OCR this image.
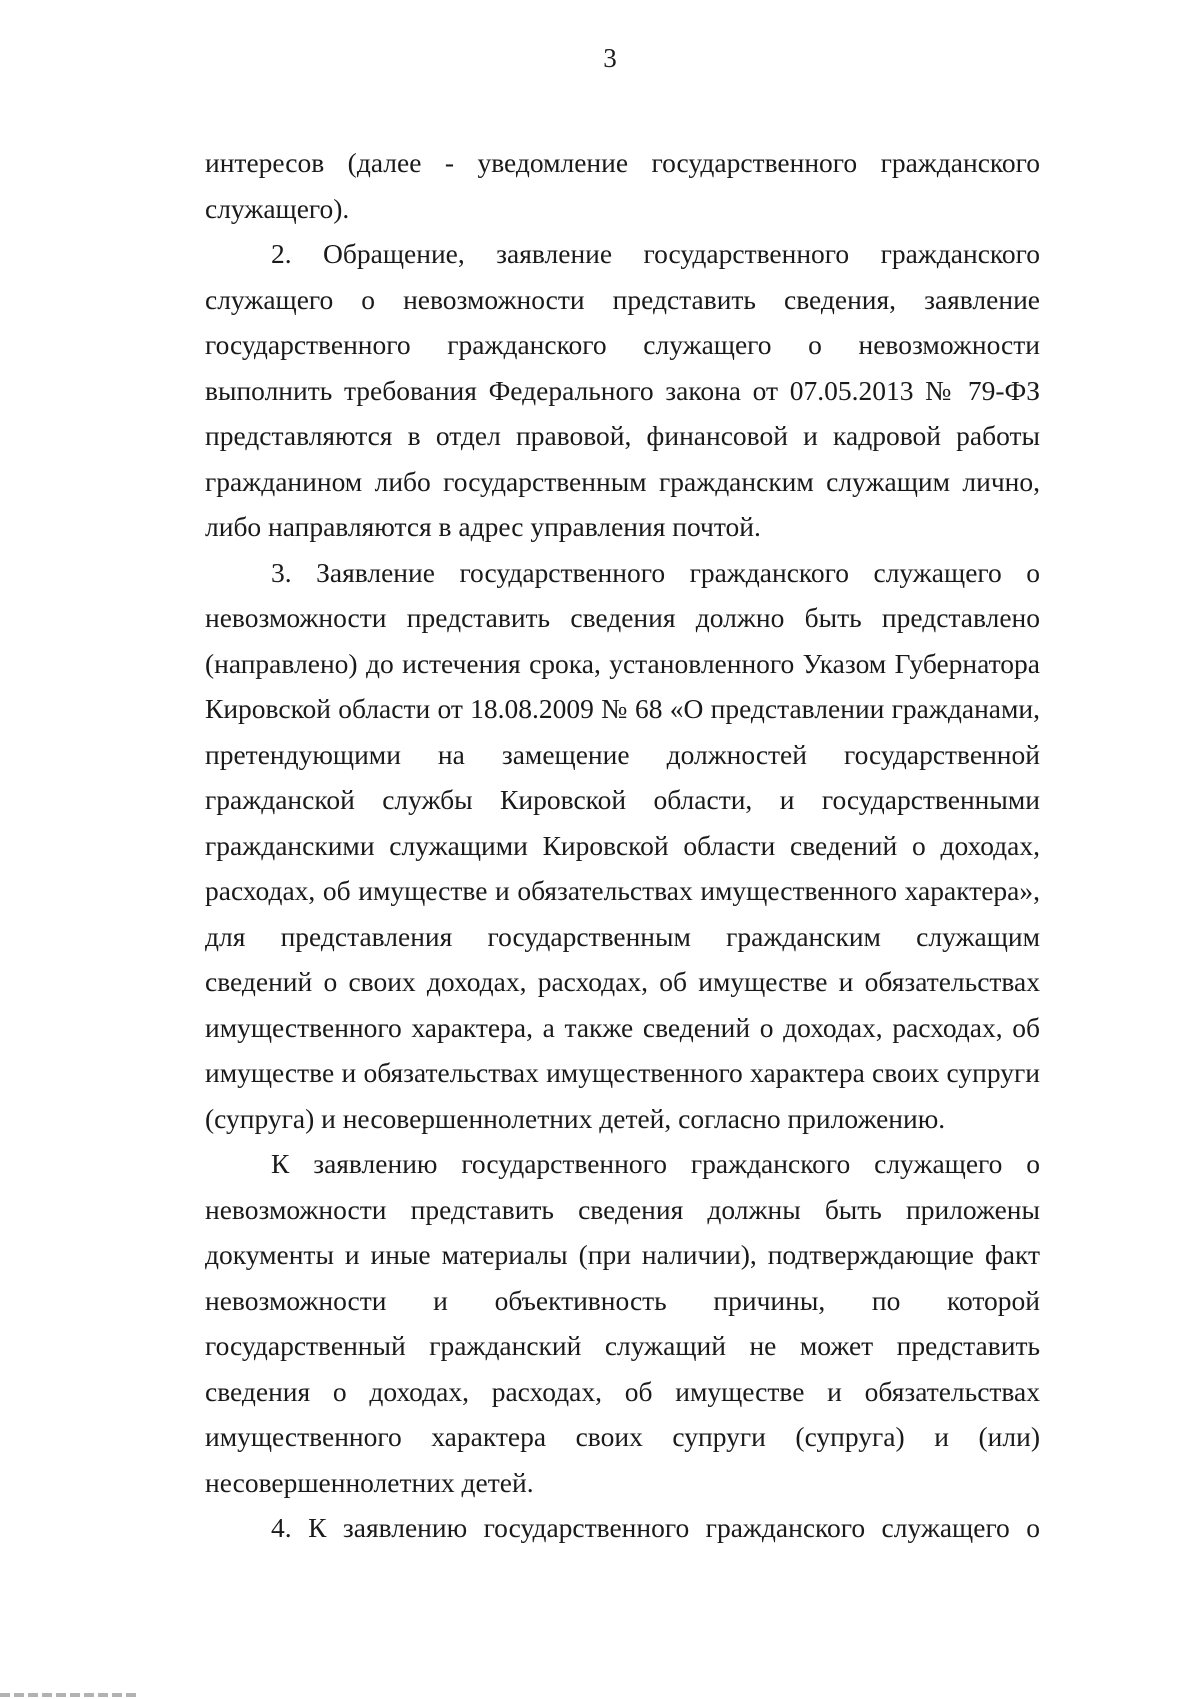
3

интересов (далее - уведомление государственного гражданского служащего).

2. Обращение, заявление государственного гражданского служащего о невозможности представить сведения, заявление государственного гражданского служащего о невозможности выполнить требования Федерального закона от 07.05.2013 № 79-ФЗ представляются в отдел правовой, финансовой и кадровой работы гражданином либо государственным гражданским служащим лично, либо направляются в адрес управления почтой.

3. Заявление государственного гражданского служащего о невозможности представить сведения должно быть представлено (направлено) до истечения срока, установленного Указом Губернатора Кировской области от 18.08.2009 № 68 «О представлении гражданами, претендующими на замещение должностей государственной гражданской службы Кировской области, и государственными гражданскими служащими Кировской области сведений о доходах, расходах, об имуществе и обязательствах имущественного характера», для представления государственным гражданским служащим сведений о своих доходах, расходах, об имуществе и обязательствах имущественного характера, а также сведений о доходах, расходах, об имуществе и обязательствах имущественного характера своих супруги (супруга) и несовершеннолетних детей, согласно приложению.

К заявлению государственного гражданского служащего о невозможности представить сведения должны быть приложены документы и иные материалы (при наличии), подтверждающие факт невозможности и объективность причины, по которой государственный гражданский служащий не может представить сведения о доходах, расходах, об имуществе и обязательствах имущественного характера своих супруги (супруга) и (или) несовершеннолетних детей.

4. К заявлению государственного гражданского служащего о
